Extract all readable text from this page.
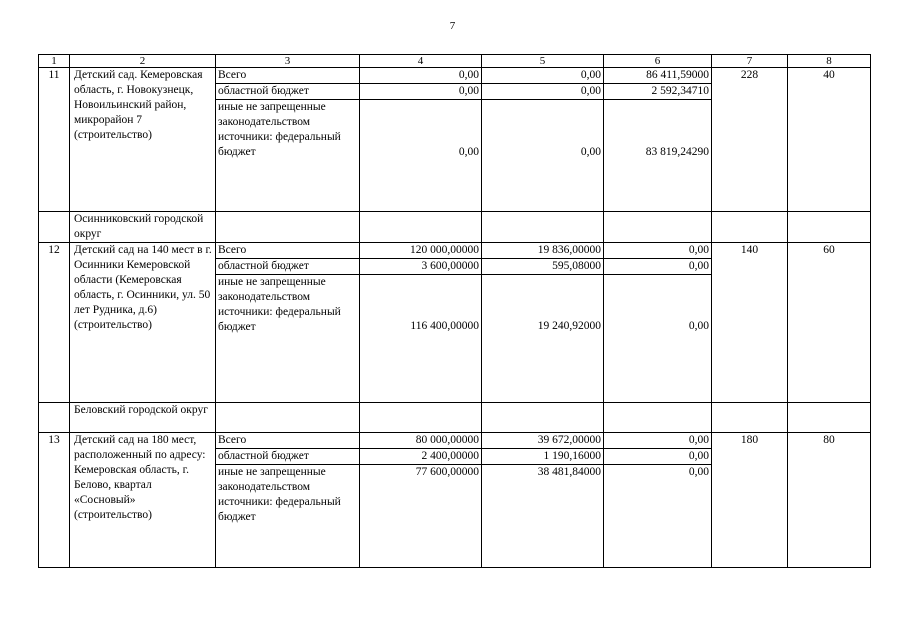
7
1	2	3	4	5	6	7	8
11	Детский сад. Кемеровская область, г. Новокузнецк, Новоильинский район, микрорайон 7 (строительство)	Всего	0,00	0,00	86 411,59000	228	40
		областной бюджет	0,00	0,00	2 592,34710		
		иные не запрещенные законодательством источники: федеральный бюджет	0,00	0,00	83 819,24290		
	Осинниковский городской округ						
12	Детский сад на 140 мест в г. Осинники Кемеровской области (Кемеровская область, г. Осинники, ул. 50 лет Рудника, д.6) (строительство)	Всего	120 000,00000	19 836,00000	0,00	140	60
		областной бюджет	3 600,00000	595,08000	0,00		
		иные не запрещенные законодательством источники: федеральный бюджет	116 400,00000	19 240,92000	0,00		
	Беловский городской округ						
13	Детский сад на 180 мест, расположенный по адресу: Кемеровская область, г. Белово, квартал «Сосновый» (строительство)	Всего	80 000,00000	39 672,00000	0,00	180	80
		областной бюджет	2 400,00000	1 190,16000	0,00		
		иные не запрещенные законодательством источники: федеральный бюджет	77 600,00000	38 481,84000	0,00		
